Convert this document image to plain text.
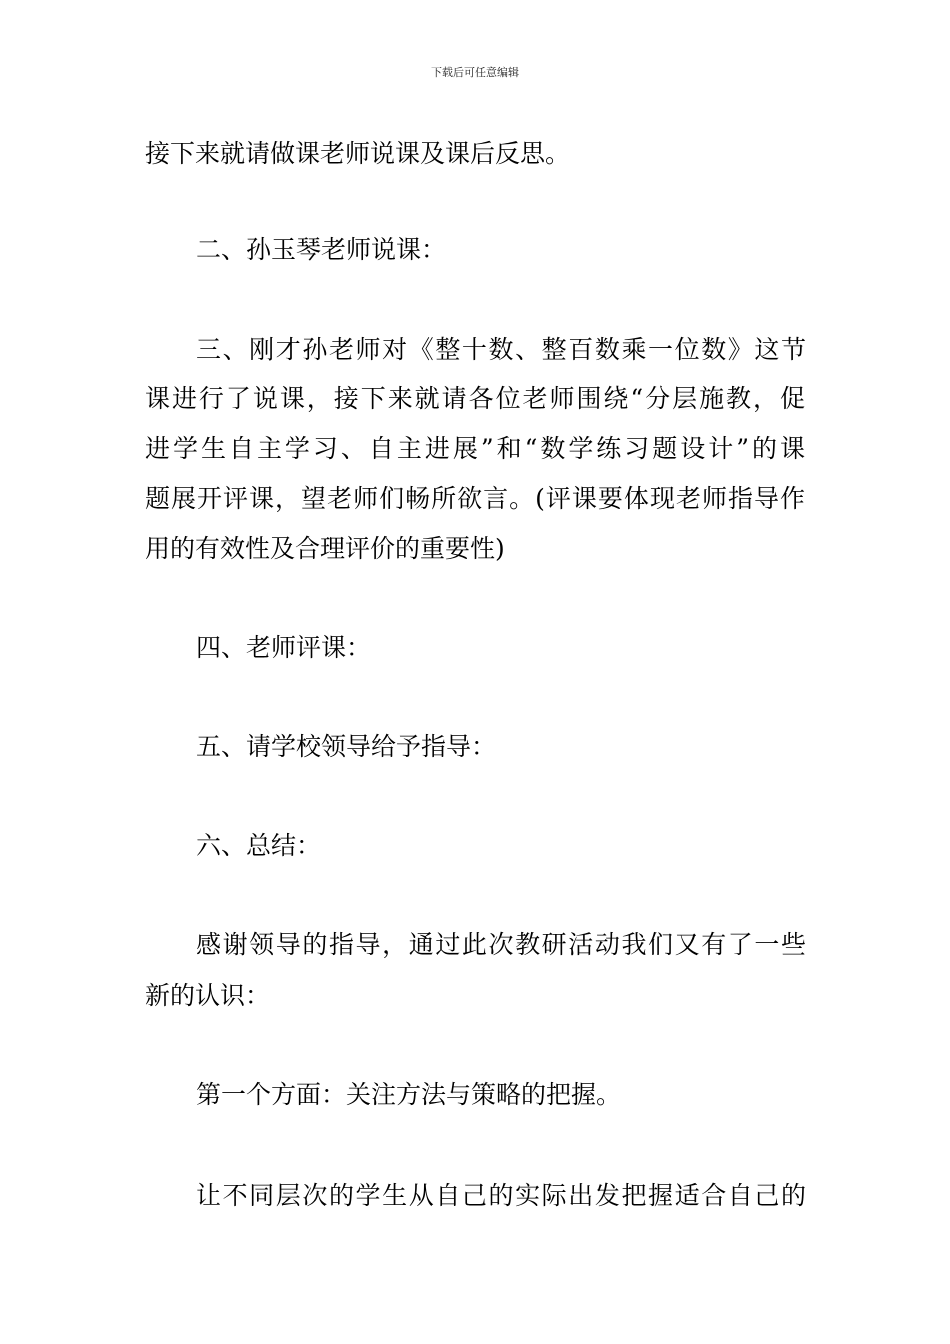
下载后可任意编辑
接下来就请做课老师说课及课后反思。
二、孙玉琴老师说课：
三、刚才孙老师对《整十数、整百数乘一位数》这节
课进行了说课，接下来就请各位老师围绕“分层施教，促
进学生自主学习、自主进展”和“数学练习题设计”的课
题展开评课，望老师们畅所欲言。(评课要体现老师指导作
用的有效性及合理评价的重要性)
四、老师评课：
五、请学校领导给予指导：
六、总结：
感谢领导的指导，通过此次教研活动我们又有了一些
新的认识：
第一个方面：关注方法与策略的把握。
让不同层次的学生从自己的实际出发把握适合自己的
